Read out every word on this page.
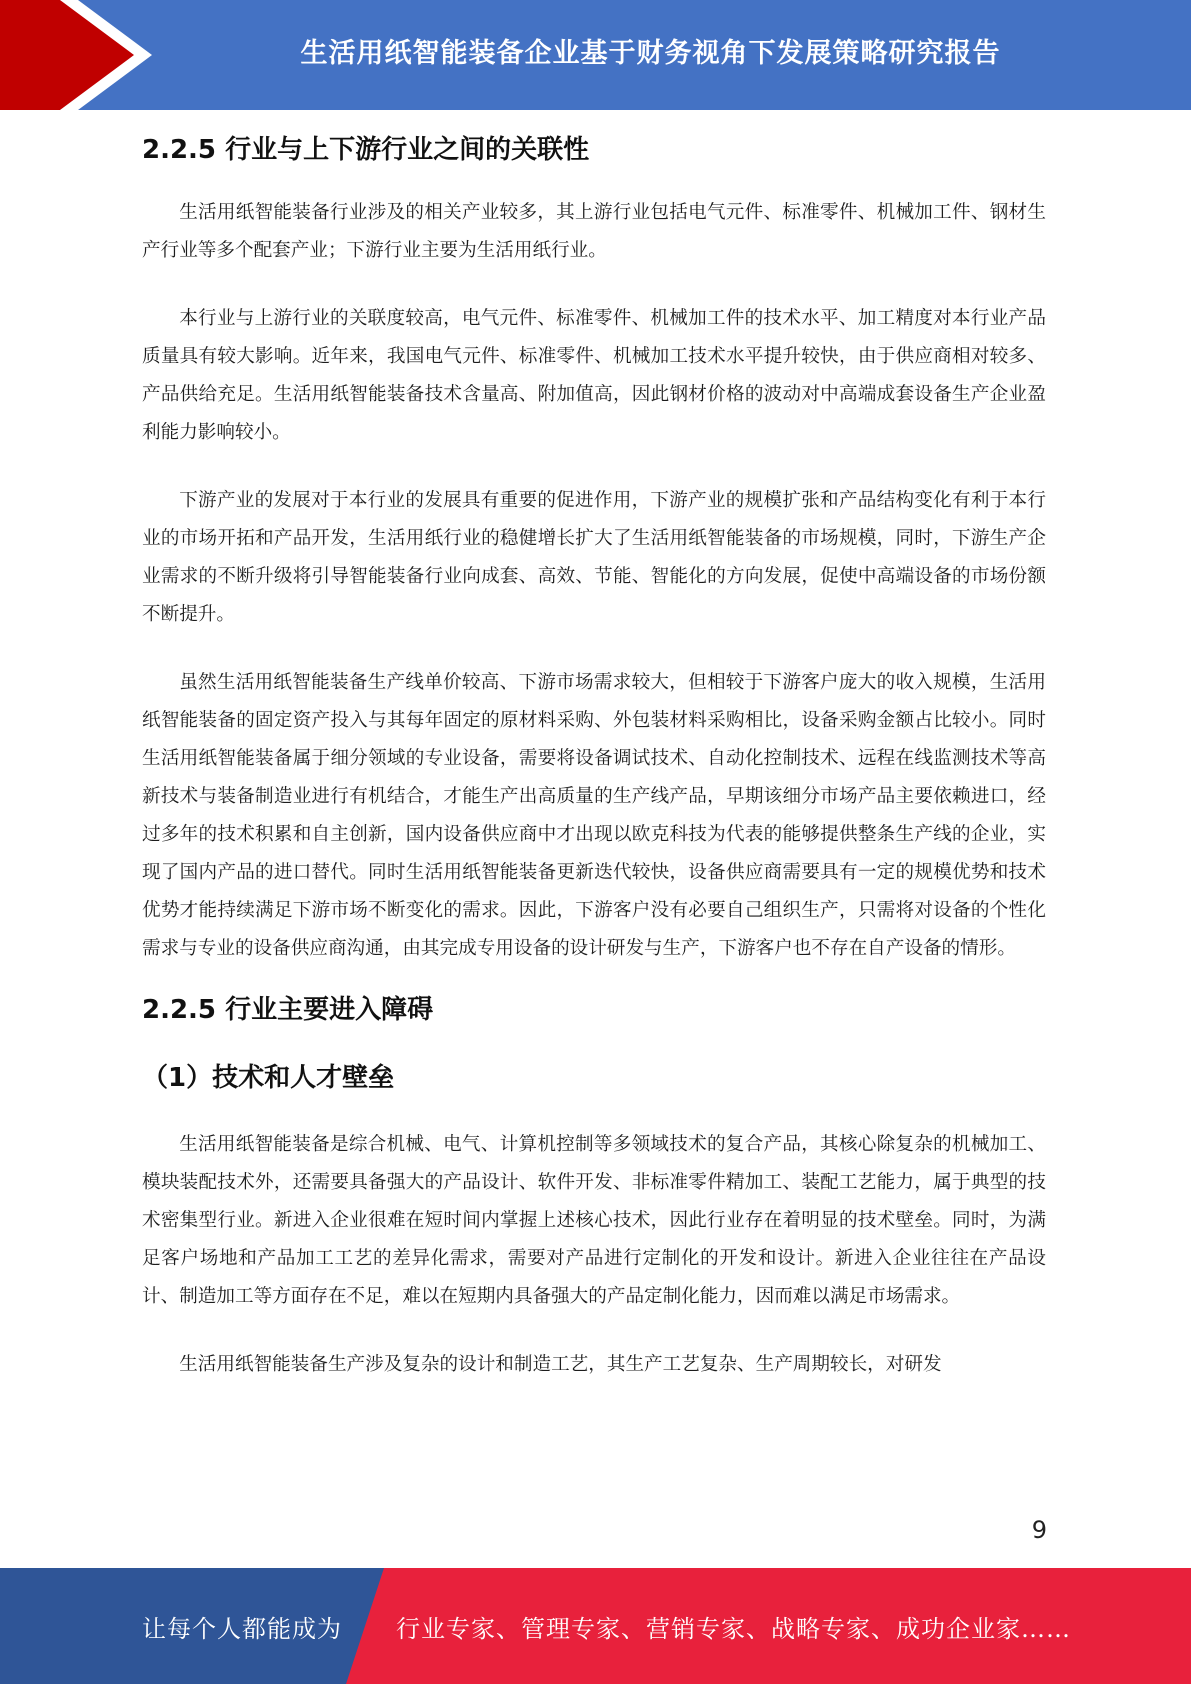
生活用纸智能装备企业基于财务视角下发展策略研究报告
2.2.5 行业与上下游行业之间的关联性

生活用纸智能装备行业涉及的相关产业较多，其上游行业包括电气元件、标准零件、机械加工件、钢材生产行业等多个配套产业；下游行业主要为生活用纸行业。

本行业与上游行业的关联度较高，电气元件、标准零件、机械加工件的技术水平、加工精度对本行业产品质量具有较大影响。近年来，我国电气元件、标准零件、机械加工技术水平提升较快，由于供应商相对较多、产品供给充足。生活用纸智能装备技术含量高、附加值高，因此钢材价格的波动对中高端成套设备生产企业盈利能力影响较小。

下游产业的发展对于本行业的发展具有重要的促进作用，下游产业的规模扩张和产品结构变化有利于本行业的市场开拓和产品开发，生活用纸行业的稳健增长扩大了生活用纸智能装备的市场规模，同时，下游生产企业需求的不断升级将引导智能装备行业向成套、高效、节能、智能化的方向发展，促使中高端设备的市场份额不断提升。

虽然生活用纸智能装备生产线单价较高、下游市场需求较大，但相较于下游客户庞大的收入规模，生活用纸智能装备的固定资产投入与其每年固定的原材料采购、外包装材料采购相比，设备采购金额占比较小。同时生活用纸智能装备属于细分领域的专业设备，需要将设备调试技术、自动化控制技术、远程在线监测技术等高新技术与装备制造业进行有机结合，才能生产出高质量的生产线产品，早期该细分市场产品主要依赖进口，经过多年的技术积累和自主创新，国内设备供应商中才出现以欧克科技为代表的能够提供整条生产线的企业，实现了国内产品的进口替代。同时生活用纸智能装备更新迭代较快，设备供应商需要具有一定的规模优势和技术优势才能持续满足下游市场不断变化的需求。因此，下游客户没有必要自己组织生产，只需将对设备的个性化需求与专业的设备供应商沟通，由其完成专用设备的设计研发与生产，下游客户也不存在自产设备的情形。

2.2.5 行业主要进入障碍
（1）技术和人才壁垒

生活用纸智能装备是综合机械、电气、计算机控制等多领域技术的复合产品，其核心除复杂的机械加工、模块装配技术外，还需要具备强大的产品设计、软件开发、非标准零件精加工、装配工艺能力，属于典型的技术密集型行业。新进入企业很难在短时间内掌握上述核心技术，因此行业存在着明显的技术壁垒。同时，为满足客户场地和产品加工工艺的差异化需求，需要对产品进行定制化的开发和设计。新进入企业往往在产品设计、制造加工等方面存在不足，难以在短期内具备强大的产品定制化能力，因而难以满足市场需求。

生活用纸智能装备生产涉及复杂的设计和制造工艺，其生产工艺复杂、生产周期较长，对研发

9
让每个人都能成为 行业专家、管理专家、营销专家、战略专家、成功企业家……
